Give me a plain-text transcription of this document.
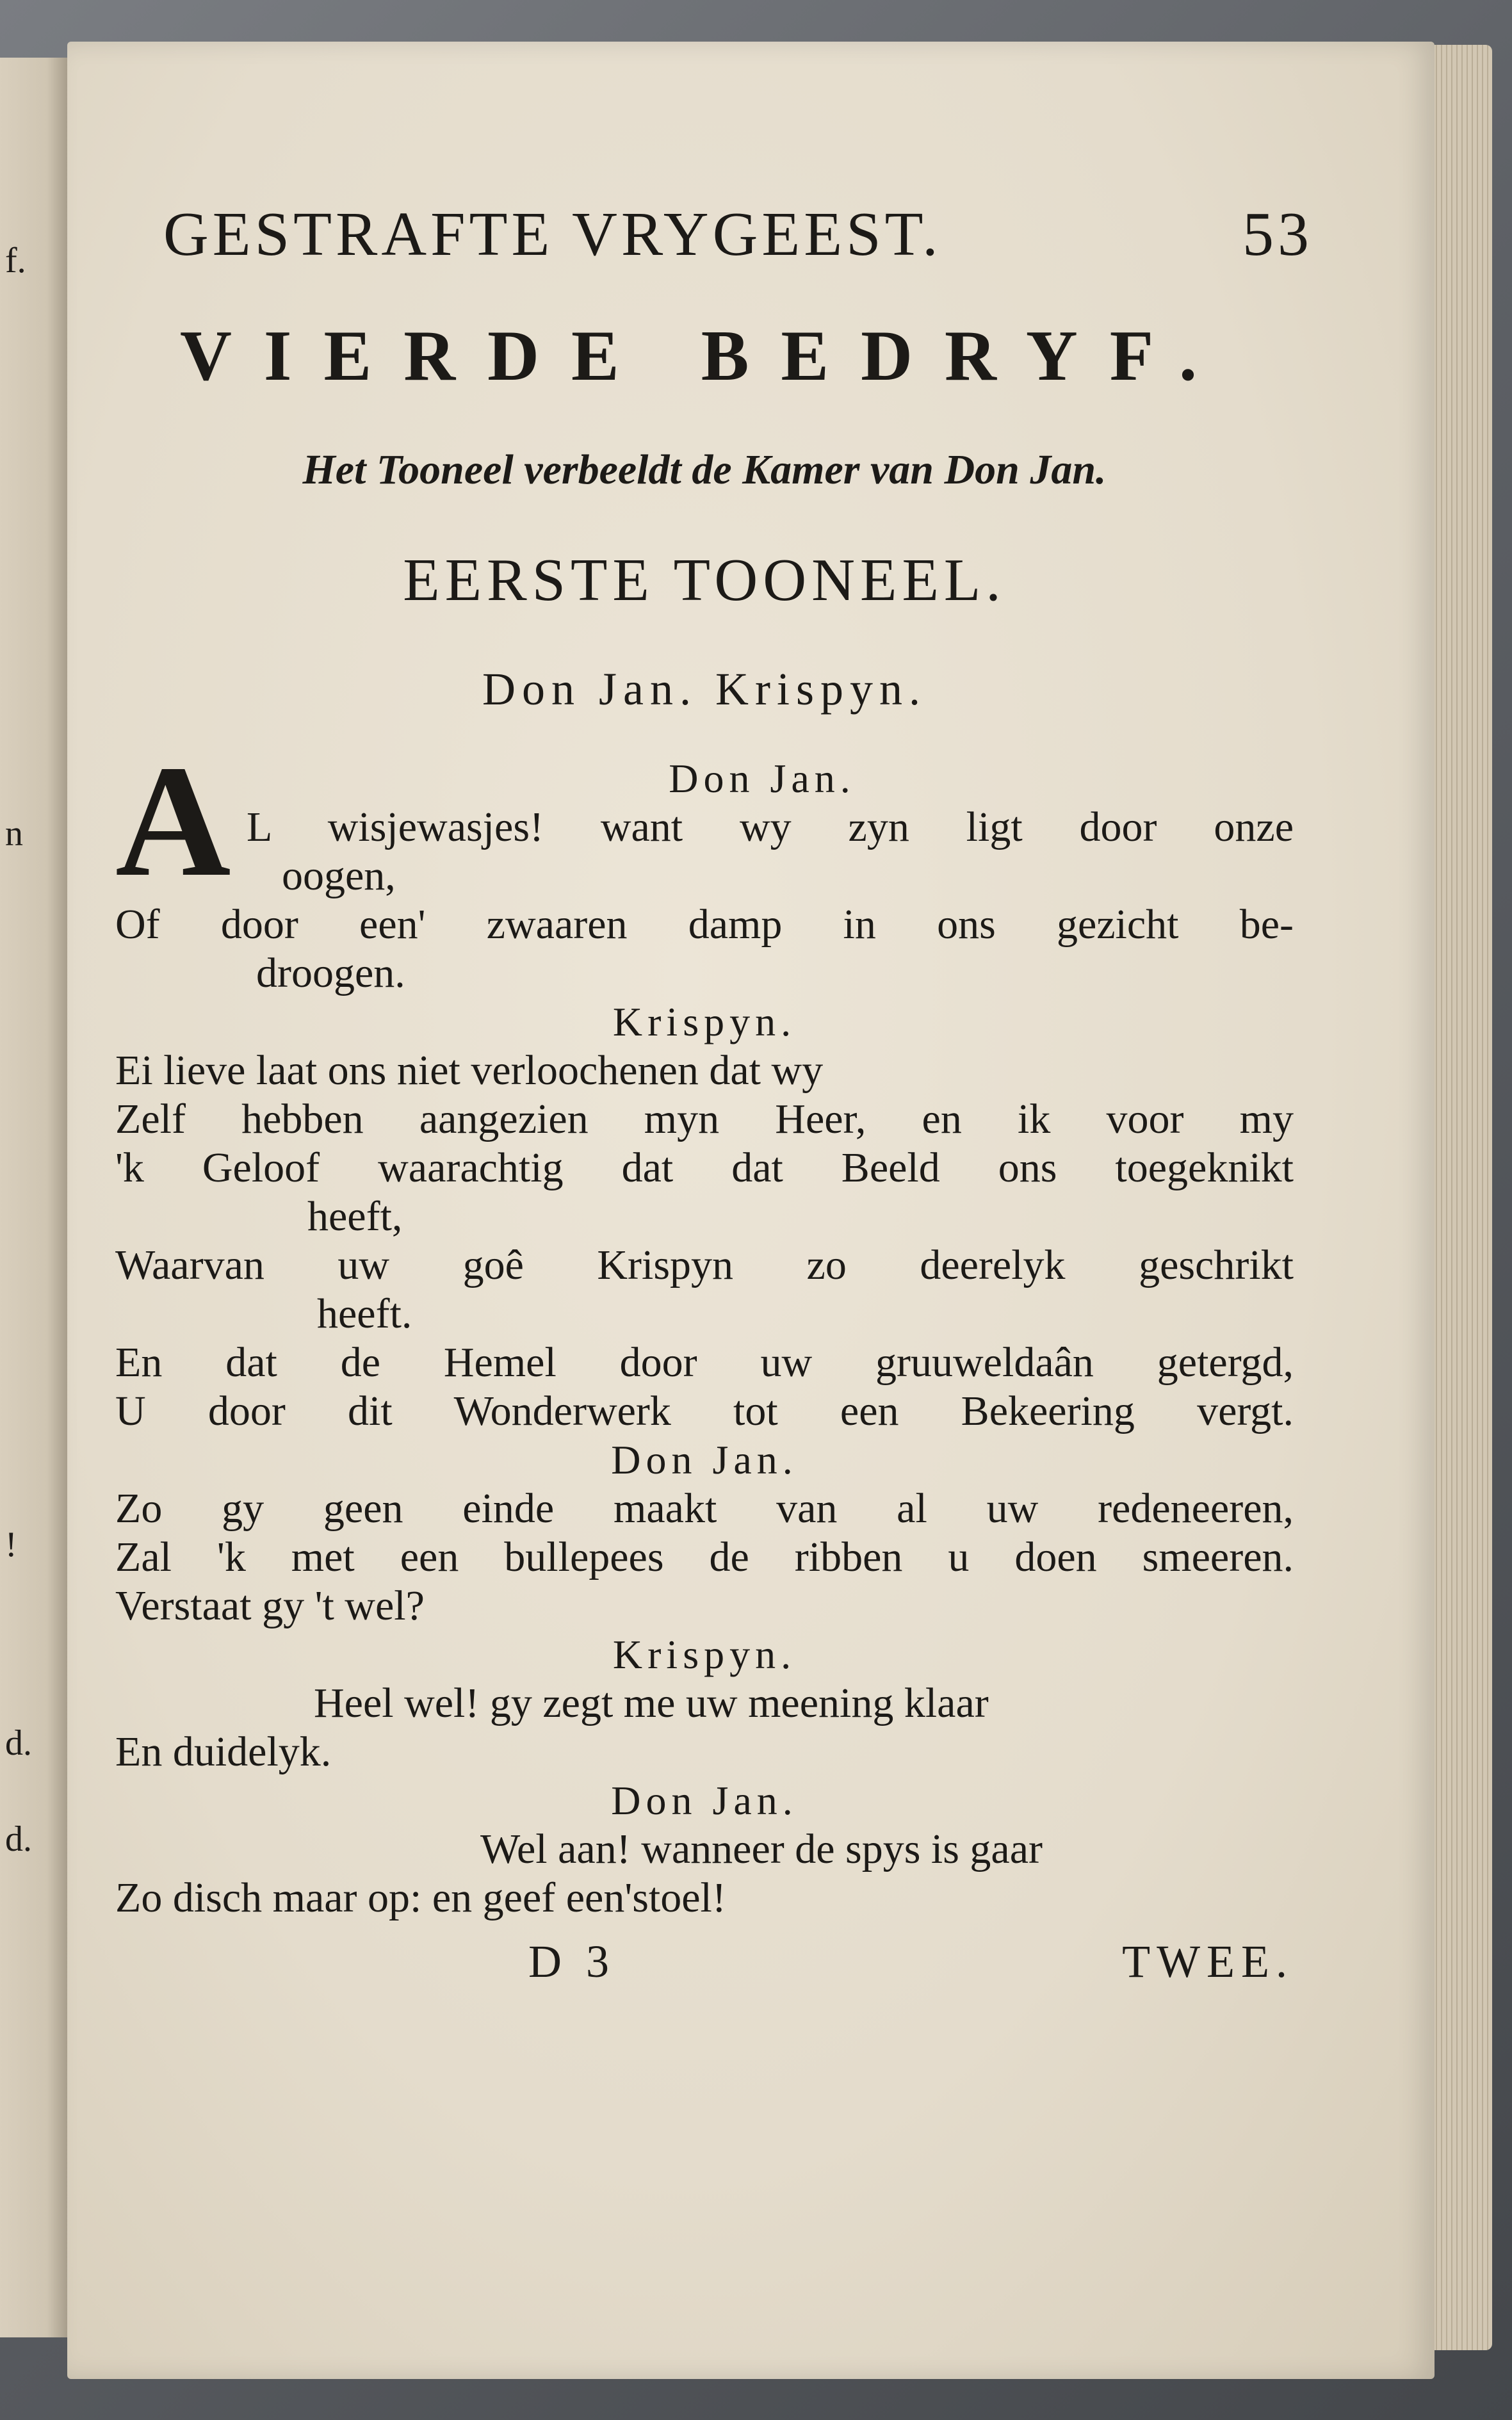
f.
n
!
d.
d.
GESTRAFTE VRYGEEST.	53
VIERDE BEDRYF.
Het Tooneel verbeeldt de Kamer van Don Jan.
EERSTE TOONEEL.
Don Jan. Krispyn.
A	Don Jan.
L wisjewasjes! want wy zyn ligt door onze
oogen,
Of door een' zwaaren damp in ons gezicht be-
droogen.
Krispyn.
Ei lieve laat ons niet verloochenen dat wy
Zelf hebben aangezien myn Heer, en ik voor my
'k Geloof waarachtig dat dat Beeld ons toegeknikt
heeft,
Waarvan uw goê Krispyn zo deerelyk geschrikt
heeft.
En dat de Hemel door uw gruuweldaân getergd,
U door dit Wonderwerk tot een Bekeering vergt.
Don Jan.
Zo gy geen einde maakt van al uw redeneeren,
Zal 'k met een bullepees de ribben u doen smeeren.
Verstaat gy 't wel?
Krispyn.
Heel wel! gy zegt me uw meening klaar
En duidelyk.
Don Jan.
Wel aan! wanneer de spys is gaar
Zo disch maar op: en geef een'stoel!
D 3	TWEE.
